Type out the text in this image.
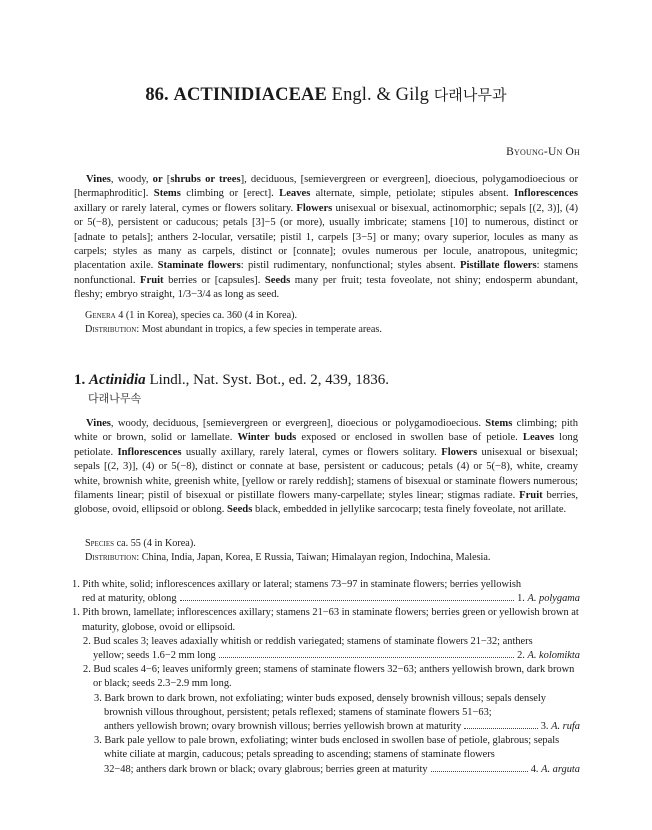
86. ACTINIDIACEAE Engl. & Gilg 다래나무과
Byoung-Un Oh

Vines, woody, or [shrubs or trees], deciduous, [semievergreen or evergreen], dioecious, polygamodioecious or [hermaphroditic]. Stems climbing or [erect]. Leaves alternate, simple, petiolate; stipules absent. Inflorescences axillary or rarely lateral, cymes or flowers solitary. Flowers unisexual or bisexual, actinomorphic; sepals [(2, 3)], (4) or 5(−8), persistent or caducous; petals [3]−5 (or more), usually imbricate; stamens [10] to numerous, distinct or [adnate to petals]; anthers 2-locular, versatile; pistil 1, carpels [3−5] or many; ovary superior, locules as many as carpels; styles as many as carpels, distinct or [connate]; ovules numerous per locule, anatropous, unitegmic; placentation axile. Staminate flowers: pistil rudimentary, nonfunctional; styles absent. Pistillate flowers: stamens nonfunctional. Fruit berries or [capsules]. Seeds many per fruit; testa foveolate, not shiny; endosperm abundant, fleshy; embryo straight, 1/3−3/4 as long as seed.

Genera 4 (1 in Korea), species ca. 360 (4 in Korea).

Distribution: Most abundant in tropics, a few species in temperate areas.

1. Actinidia Lindl., Nat. Syst. Bot., ed. 2, 439, 1836.
다래나무속

Vines, woody, deciduous, [semievergreen or evergreen], dioecious or polygamodioecious. Stems climbing; pith white or brown, solid or lamellate. Winter buds exposed or enclosed in swollen base of petiole. Leaves long petiolate. Inflorescences usually axillary, rarely lateral, cymes or flowers solitary. Flowers unisexual or bisexual; sepals [(2, 3)], (4) or 5(−8), distinct or connate at base, persistent or caducous; petals (4) or 5(−8), white, creamy white, brownish white, greenish white, [yellow or rarely reddish]; stamens of bisexual or staminate flowers numerous; filaments linear; pistil of bisexual or pistillate flowers many-carpellate; styles linear; stigmas radiate. Fruit berries, globose, ovoid, ellipsoid or oblong. Seeds black, embedded in jellylike sarcocarp; testa finely foveolate, not arillate.

Species ca. 55 (4 in Korea).

Distribution: China, India, Japan, Korea, E Russia, Taiwan; Himalayan region, Indochina, Malesia.

1. Pith white, solid; inflorescences axillary or lateral; stamens 73−97 in staminate flowers; berries yellowish
red at maturity, oblong	1. A. polygama
1. Pith brown, lamellate; inflorescences axillary; stamens 21−63 in staminate flowers; berries green or yellowish brown at maturity, globose, ovoid or ellipsoid.
2. Bud scales 3; leaves adaxially whitish or reddish variegated; stamens of staminate flowers 21−32; anthers
yellow; seeds 1.6−2 mm long	2. A. kolomikta
2. Bud scales 4−6; leaves uniformly green; stamens of staminate flowers 32−63; anthers yellowish brown, dark brown or black; seeds 2.3−2.9 mm long.
3. Bark brown to dark brown, not exfoliating; winter buds exposed, densely brownish villous; sepals densely brownish villous throughout, persistent; petals reflexed; stamens of staminate flowers 51−63;
anthers yellowish brown; ovary brownish villous; berries yellowish brown at maturity	3. A. rufa
3. Bark pale yellow to pale brown, exfoliating; winter buds enclosed in swollen base of petiole, glabrous; sepals white ciliate at margin, caducous; petals spreading to ascending; stamens of staminate flowers
32−48; anthers dark brown or black; ovary glabrous; berries green at maturity	4. A. arguta
